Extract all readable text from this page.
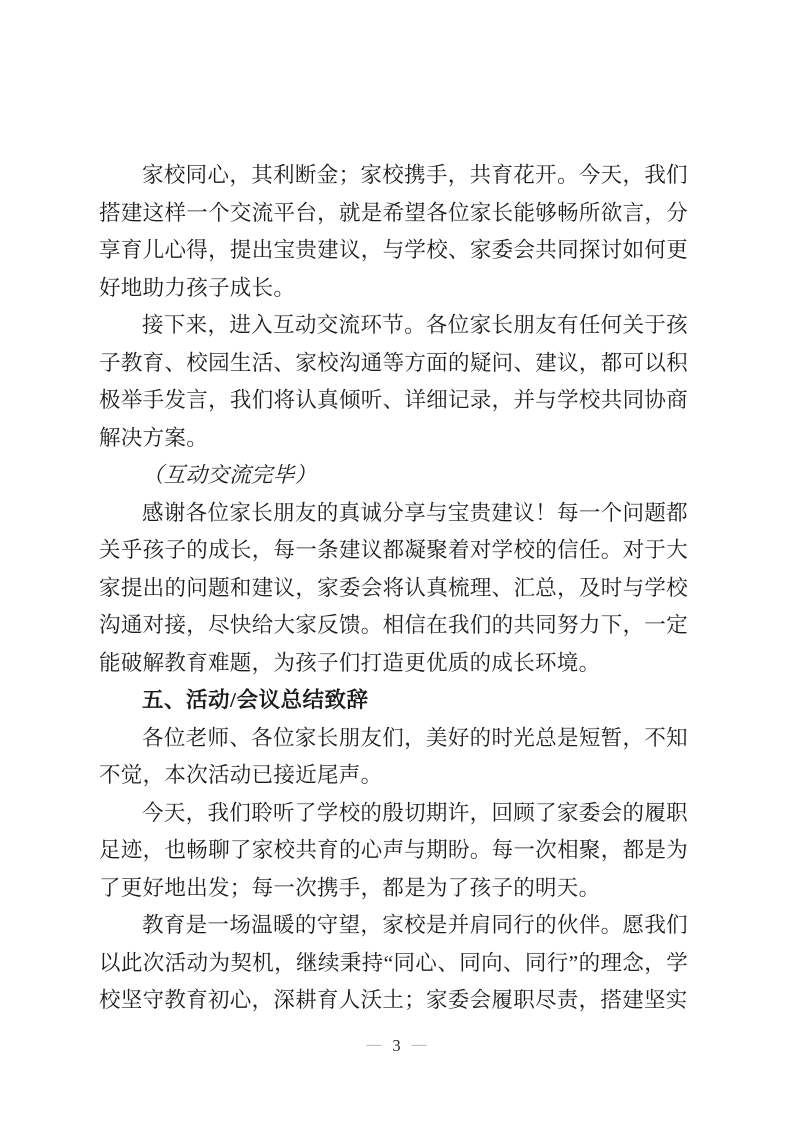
家校同心，其利断金；家校携手，共育花开。今天，我们搭建这样一个交流平台，就是希望各位家长能够畅所欲言，分享育儿心得，提出宝贵建议，与学校、家委会共同探讨如何更好地助力孩子成长。

接下来，进入互动交流环节。各位家长朋友有任何关于孩子教育、校园生活、家校沟通等方面的疑问、建议，都可以积极举手发言，我们将认真倾听、详细记录，并与学校共同协商解决方案。

（互动交流完毕）

感谢各位家长朋友的真诚分享与宝贵建议！每一个问题都关乎孩子的成长，每一条建议都凝聚着对学校的信任。对于大家提出的问题和建议，家委会将认真梳理、汇总，及时与学校沟通对接，尽快给大家反馈。相信在我们的共同努力下，一定能破解教育难题，为孩子们打造更优质的成长环境。

五、活动/会议总结致辞

各位老师、各位家长朋友们，美好的时光总是短暂，不知不觉，本次活动已接近尾声。

今天，我们聆听了学校的殷切期许，回顾了家委会的履职足迹，也畅聊了家校共育的心声与期盼。每一次相聚，都是为了更好地出发；每一次携手，都是为了孩子的明天。

教育是一场温暖的守望，家校是并肩同行的伙伴。愿我们以此次活动为契机，继续秉持“同心、同向、同行”的理念，学校坚守教育初心，深耕育人沃土；家委会履职尽责，搭建坚实

— 3 —
